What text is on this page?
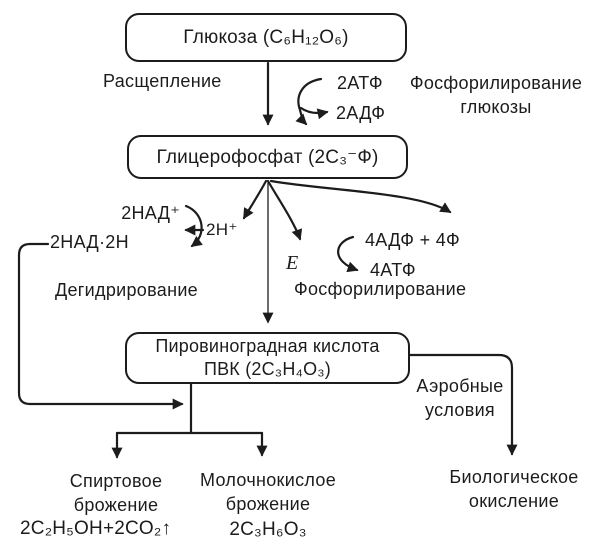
Глюкоза (C₆H₁₂O₆)
Глицерофосфат (2C₃⁻Ф)
Пировиноградная кислота
ПВК (2C₃H₄O₃)
Расщепление	2АТФ	Фосфорилирование
глюкозы
2АДФ
2НАД⁺
2НАД·2Н
2Н⁺
Дегидрирование
E
4АДФ + 4Ф
4АТФ
Фосфорилирование
Аэробные
условия
Биологическое
окисление
Спиртовое
брожение
2C₂H₅OH+2CO₂↑
Молочнокислое
брожение
2C₃H₆O₃
